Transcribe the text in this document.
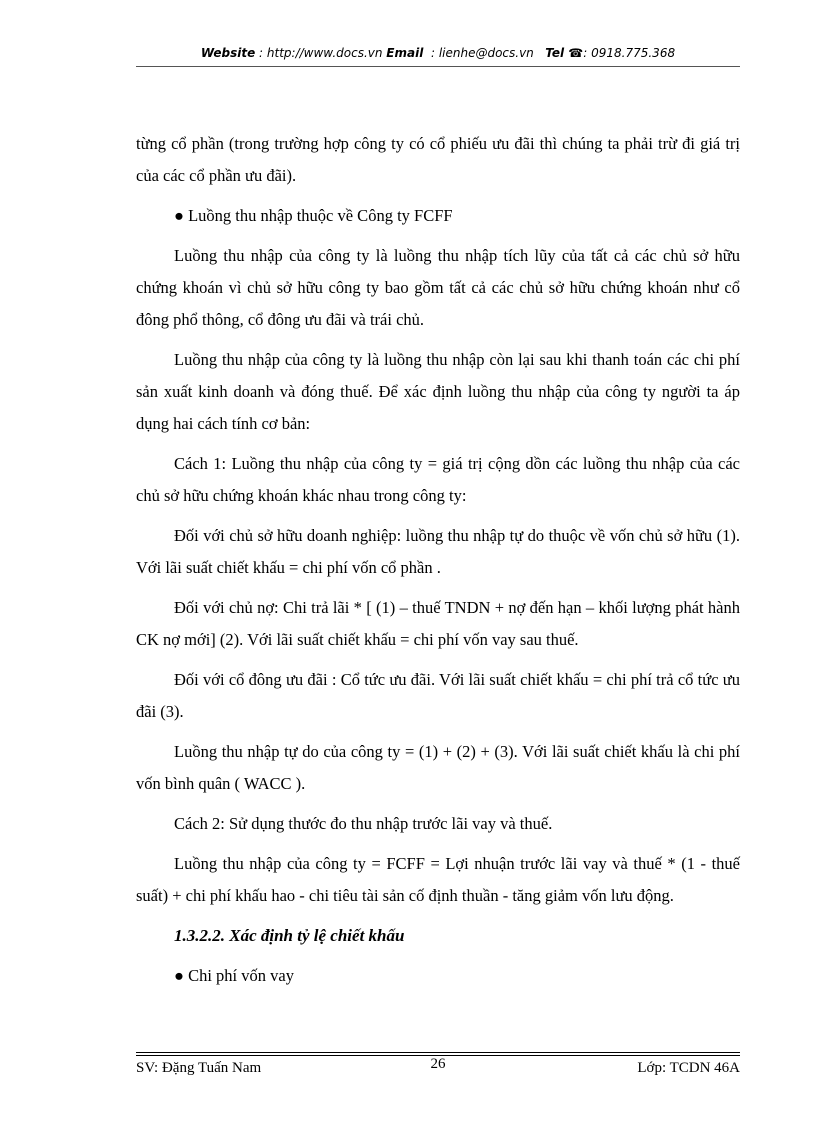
Website : http://www.docs.vn Email  : lienhe@docs.vn   Tel ☎: 0918.775.368

từng cổ phần (trong trường hợp công ty có cổ phiếu ưu đãi thì chúng ta phải trừ đi giá trị của các cổ phần ưu đãi).

● Luồng thu nhập thuộc về Công ty FCFF

Luồng thu nhập của công ty là luồng thu nhập tích lũy của tất cả các chủ sở hữu chứng khoán vì chủ sở hữu công ty bao gồm tất cả các chủ sở hữu chứng khoán như cổ đông phổ thông, cổ đông ưu đãi và trái chủ.

Luồng thu nhập của công ty là luồng thu nhập còn lại sau khi thanh toán các chi phí sản xuất kinh doanh và đóng thuế. Để xác định luồng thu nhập của công ty người ta áp dụng hai cách tính cơ bản:

Cách 1: Luồng thu nhập của công ty = giá trị cộng dồn các luồng thu nhập của các chủ sở hữu chứng khoán khác nhau trong công ty:

Đối với chủ sở hữu doanh nghiệp: luồng thu nhập tự do thuộc về vốn chủ sở hữu (1). Với lãi suất chiết khấu = chi phí vốn cổ phần .

Đối với chủ nợ: Chi trả lãi * [ (1) – thuế TNDN + nợ đến hạn – khối lượng phát hành CK nợ mới] (2). Với lãi suất chiết khấu = chi phí vốn vay sau thuế.

Đối với cổ đông ưu đãi : Cổ tức ưu đãi. Với lãi suất chiết khấu = chi phí trả cổ tức ưu đãi (3).

Luồng thu nhập tự do của công ty = (1) + (2) + (3). Với lãi suất chiết khấu là chi phí vốn bình quân ( WACC ).

Cách 2: Sử dụng thước đo thu nhập trước lãi vay và thuế.

Luồng thu nhập của công ty = FCFF = Lợi nhuận trước lãi vay và thuế * (1 - thuế suất) + chi phí khấu hao - chi tiêu tài sản cố định thuần - tăng giảm vốn lưu động.

1.3.2.2. Xác định tỷ lệ chiết khấu

● Chi phí vốn vay

SV: Đặng Tuấn Nam	26	Lớp: TCDN 46A
